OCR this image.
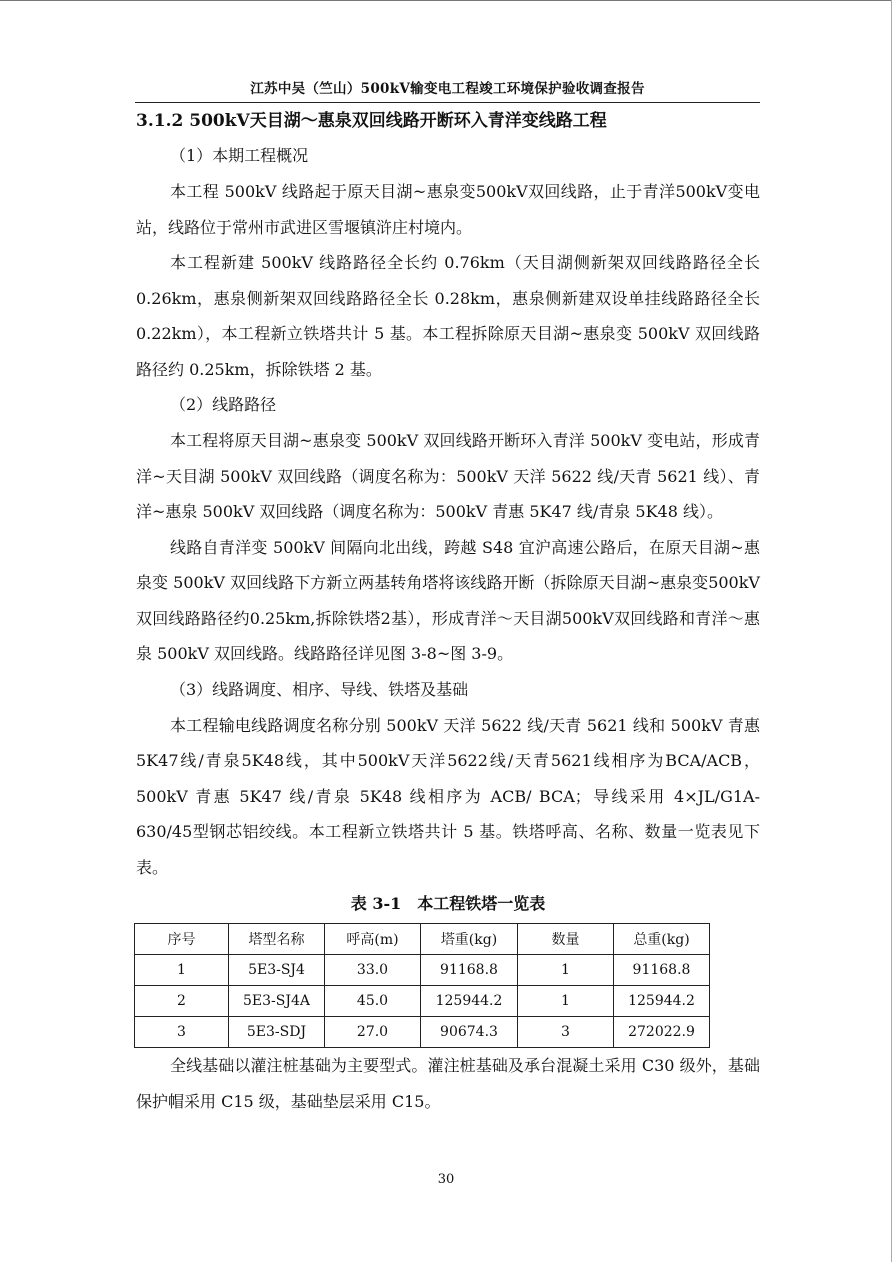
江苏中吴（竺山）500kV输变电工程竣工环境保护验收调查报告

3.1.2 500kV天目湖～惠泉双回线路开断环入青洋变线路工程

（1）本期工程概况

本工程 500kV 线路起于原天目湖~惠泉变500kV双回线路，止于青洋500kV变电站，线路位于常州市武进区雪堰镇浒庄村境内。

本工程新建 500kV 线路路径全长约 0.76km（天目湖侧新架双回线路路径全长 0.26km，惠泉侧新架双回线路路径全长 0.28km，惠泉侧新建双设单挂线路路径全长 0.22km），本工程新立铁塔共计 5 基。本工程拆除原天目湖~惠泉变 500kV 双回线路路径约 0.25km，拆除铁塔 2 基。

（2）线路路径

本工程将原天目湖~惠泉变 500kV 双回线路开断环入青洋 500kV 变电站，形成青洋~天目湖 500kV 双回线路（调度名称为：500kV 天洋 5622 线/天青 5621 线）、青洋~惠泉 500kV 双回线路（调度名称为：500kV 青惠 5K47 线/青泉 5K48 线）。

线路自青洋变 500kV 间隔向北出线，跨越 S48 宜沪高速公路后，在原天目湖~惠泉变 500kV 双回线路下方新立两基转角塔将该线路开断（拆除原天目湖~惠泉变500kV双回线路路径约0.25km,拆除铁塔2基），形成青洋～天目湖500kV双回线路和青洋～惠泉 500kV 双回线路。线路路径详见图 3-8~图 3-9。

（3）线路调度、相序、导线、铁塔及基础

本工程输电线路调度名称分别 500kV 天洋 5622 线/天青 5621 线和 500kV 青惠5K47线/青泉5K48线，其中500kV天洋5622线/天青5621线相序为BCA/ACB，500kV 青惠 5K47 线/青泉 5K48 线相序为 ACB/ BCA；导线采用 4×JL/G1A-630/45型钢芯铝绞线。本工程新立铁塔共计 5 基。铁塔呼高、名称、数量一览表见下表。

表 3-1　本工程铁塔一览表

序号	塔型名称	呼高(m)	塔重(kg)	数量	总重(kg)
1	5E3-SJ4	33.0	91168.8	1	91168.8
2	5E3-SJ4A	45.0	125944.2	1	125944.2
3	5E3-SDJ	27.0	90674.3	3	272022.9

全线基础以灌注桩基础为主要型式。灌注桩基础及承台混凝土采用 C30 级外，基础保护帽采用 C15 级，基础垫层采用 C15。

30
